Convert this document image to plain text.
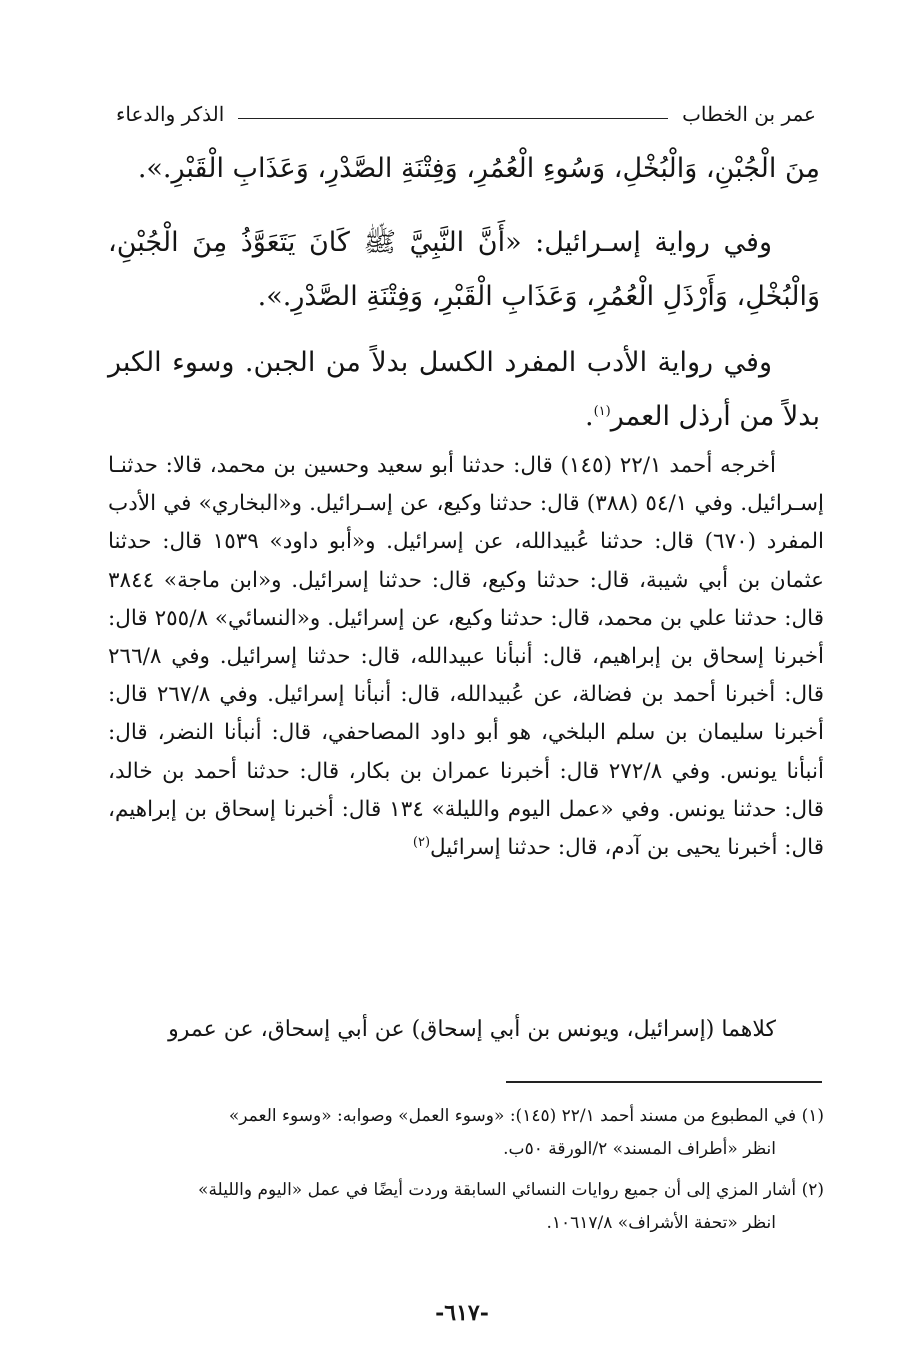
الذكر والدعاء	عمر بن الخطاب

مِنَ الْجُبْنِ، وَالْبُخْلِ، وَسُوءِ الْعُمُرِ، وَفِتْنَةِ الصَّدْرِ، وَعَذَابِ الْقَبْرِ.».

وفي رواية إسـرائيل: «أَنَّ النَّبِيَّ ﷺ كَانَ يَتَعَوَّذُ مِنَ الْجُبْنِ، وَالْبُخْلِ، وَأَرْذَلِ الْعُمُرِ، وَعَذَابِ الْقَبْرِ، وَفِتْنَةِ الصَّدْرِ.».

وفي رواية الأدب المفرد الكسل بدلاً من الجبن. وسوء الكبر بدلاً من أرذل العمر$^{(١)}$.

أخرجه أحمد ٢٢/١ (١٤٥) قال: حدثنا أبو سعيد وحسين بن محمد، قالا: حدثنـا إسـرائيل. وفي ٥٤/١ (٣٨٨) قال: حدثنا وكيع، عن إسـرائيل. و«البخاري» في الأدب المفرد (٦٧٠) قال: حدثنا عُبيدالله، عن إسرائيل. و«أبو داود» ١٥٣٩ قال: حدثنا عثمان بن أبي شيبة، قال: حدثنا وكيع، قال: حدثنا إسرائيل. و«ابن ماجة» ٣٨٤٤ قال: حدثنا علي بن محمد، قال: حدثنا وكيع، عن إسرائيل. و«النسائي» ٢٥٥/٨ قال: أخبرنا إسحاق بن إبراهيم، قال: أنبأنا عبيدالله، قال: حدثنا إسرائيل. وفي ٢٦٦/٨ قال: أخبرنا أحمد بن فضالة، عن عُبيدالله، قال: أنبأنا إسرائيل. وفي ٢٦٧/٨ قال: أخبرنا سليمان بن سلم البلخي، هو أبو داود المصاحفي، قال: أنبأنا النضر، قال: أنبأنا يونس. وفي ٢٧٢/٨ قال: أخبرنا عمران بن بكار، قال: حدثنا أحمد بن خالد، قال: حدثنا يونس. وفي «عمل اليوم والليلة» ١٣٤ قال: أخبرنا إسحاق بن إبراهيم، قال: أخبرنا يحيى بن آدم، قال: حدثنا إسرائيل$^{(٢)}$

كلاهما (إسرائيل، ويونس بن أبي إسحاق) عن أبي إسحاق، عن عمرو
(١) في المطبوع من مسند أحمد ٢٢/١ (١٤٥): «وسوء العمل» وصوابه: «وسوء العمر»
انظر «أطراف المسند» ٢/الورقة ٥٠ب.
(٢) أشار المزي إلى أن جميع روايات النسائي السابقة وردت أيضًا في عمل «اليوم والليلة»
انظر «تحفة الأشراف» ١٠٦١٧/٨.
-٦١٧-
